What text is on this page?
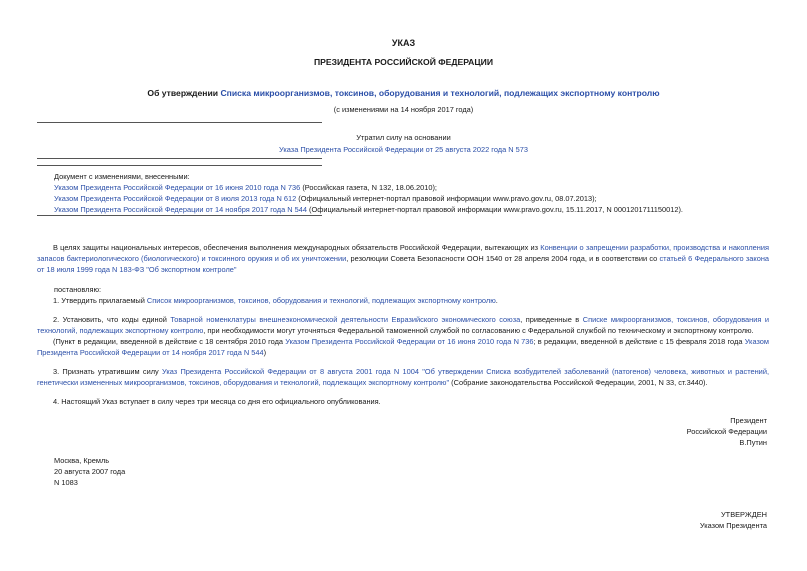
УКАЗ
ПРЕЗИДЕНТА РОССИЙСКОЙ ФЕДЕРАЦИИ
Об утверждении Списка микроорганизмов, токсинов, оборудования и технологий, подлежащих экспортному контролю
(с изменениями на 14 ноября 2017 года)
Утратил силу на основании
Указа Президента Российской Федерации от 25 августа 2022 года N 573
Документ с изменениями, внесенными:
Указом Президента Российской Федерации от 16 июня 2010 года N 736 (Российская газета, N 132, 18.06.2010);
Указом Президента Российской Федерации от 8 июля 2013 года N 612 (Официальный интернет-портал правовой информации www.pravo.gov.ru, 08.07.2013);
Указом Президента Российской Федерации от 14 ноября 2017 года N 544 (Официальный интернет-портал правовой информации www.pravo.gov.ru, 15.11.2017, N 0001201711150012).
В целях защиты национальных интересов, обеспечения выполнения международных обязательств Российской Федерации, вытекающих из Конвенции о запрещении разработки, производства и накопления запасов бактериологического (биологического) и токсинного оружия и об их уничтожении, резолюции Совета Безопасности ООН 1540 от 28 апреля 2004 года, и в соответствии со статьей 6 Федерального закона от 18 июля 1999 года N 183-ФЗ "Об экспортном контроле"
постановляю:
1. Утвердить прилагаемый Список микроорганизмов, токсинов, оборудования и технологий, подлежащих экспортному контролю.
2. Установить, что коды единой Товарной номенклатуры внешнеэкономической деятельности Евразийского экономического союза, приведенные в Списке микроорганизмов, токсинов, оборудования и технологий, подлежащих экспортному контролю, при необходимости могут уточняться Федеральной таможенной службой по согласованию с Федеральной службой по техническому и экспортному контролю.
(Пункт в редакции, введенной в действие с 18 сентября 2010 года Указом Президента Российской Федерации от 16 июня 2010 года N 736; в редакции, введенной в действие с 15 февраля 2018 года Указом Президента Российской Федерации от 14 ноября 2017 года N 544)
3. Признать утратившим силу Указ Президента Российской Федерации от 8 августа 2001 года N 1004 "Об утверждении Списка возбудителей заболеваний (патогенов) человека, животных и растений, генетически измененных микроорганизмов, токсинов, оборудования и технологий, подлежащих экспортному контролю" (Собрание законодательства Российской Федерации, 2001, N 33, ст.3440).
4. Настоящий Указ вступает в силу через три месяца со дня его официального опубликования.
Президент
Российской Федерации
В.Путин
Москва, Кремль
20 августа 2007 года
N 1083
УТВЕРЖДЕН
Указом Президента
